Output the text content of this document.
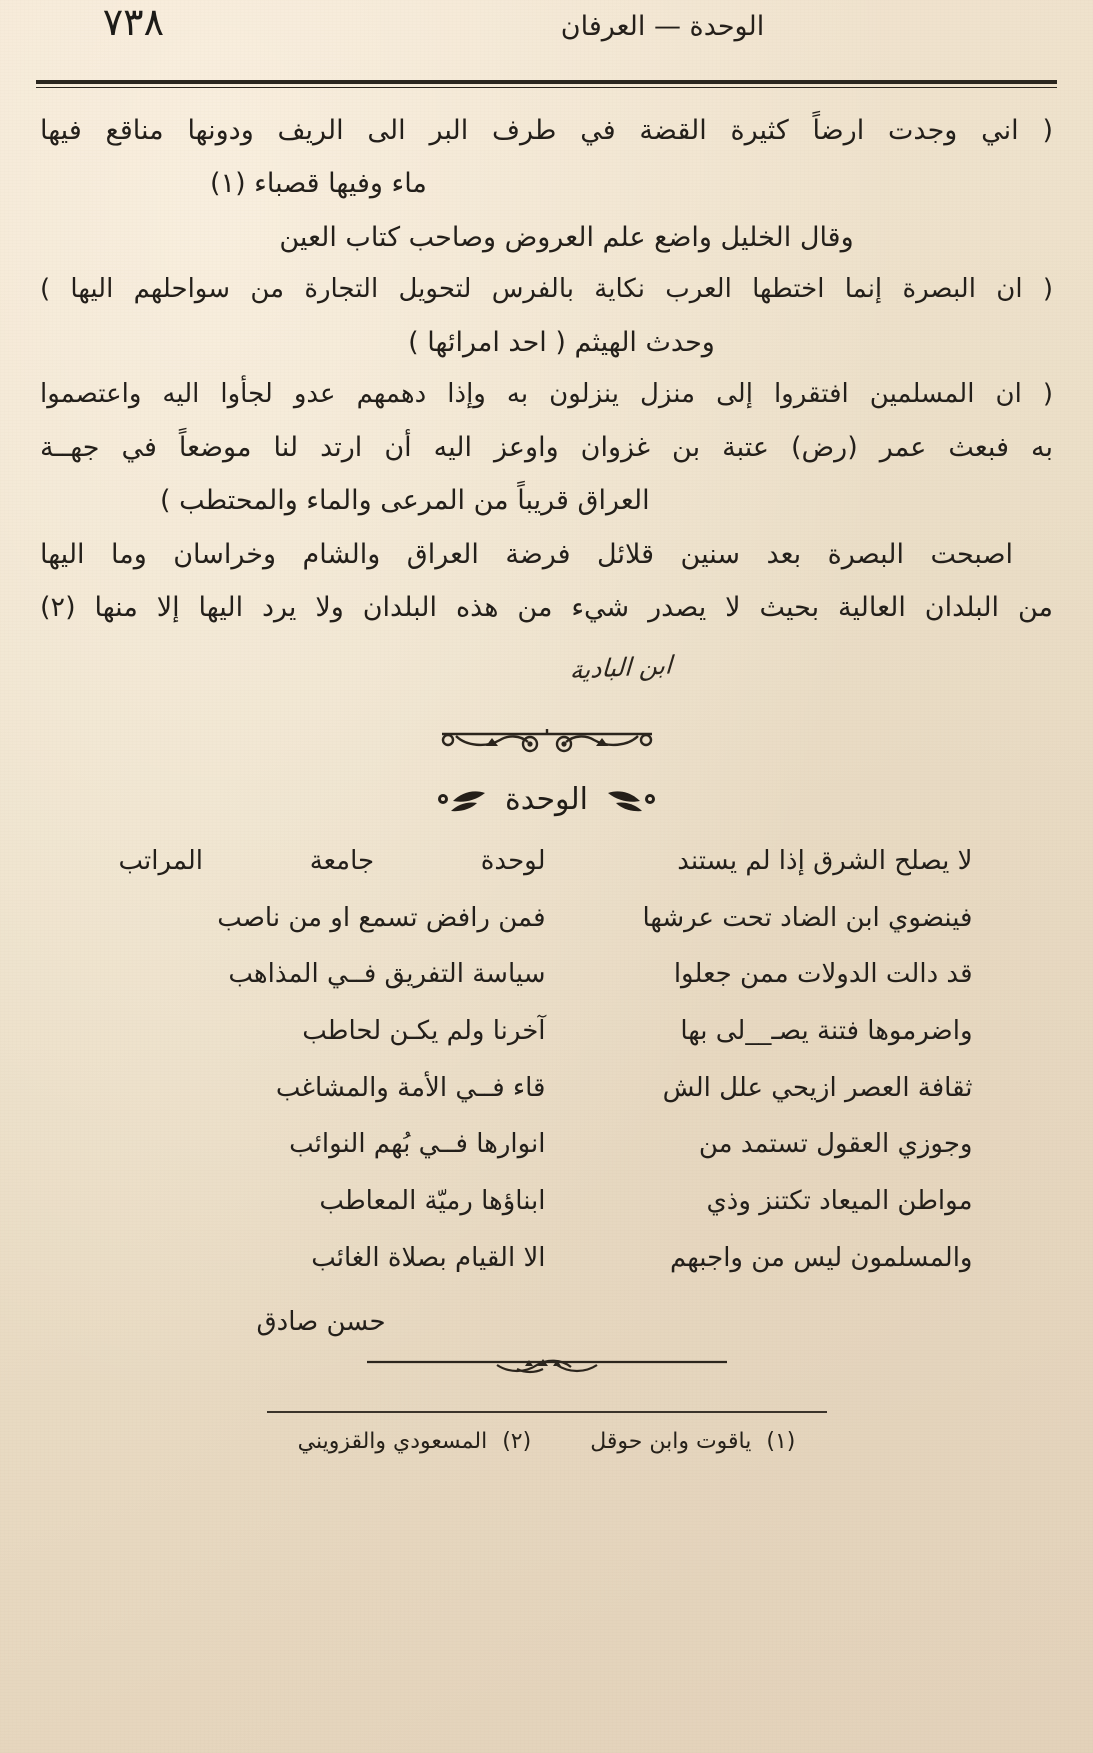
٧٣٨	الوحدة — العرفان
( اني وجدت ارضاً كثيرة القضة في طرف البر الى الريف ودونها مناقع فيها
ماء وفيها قصباء (١)
وقال الخليل واضع علم العروض وصاحب كتاب العين
( ان البصرة إنما اختطها العرب نكاية بالفرس لتحويل التجارة من سواحلهم اليها )
وحدث الهيثم ( احد امرائها )
( ان المسلمين افتقروا إلى منزل ينزلون به وإذا دهمهم عدو لجأوا اليه واعتصموا
به فبعث عمر (رض) عتبة بن غزوان واوعز اليه أن ارتد لنا موضعاً في جهــة
العراق قريباً من المرعى والماء والمحتطب )
اصبحت البصرة بعد سنين قلائل فرضة العراق والشام وخراسان وما اليها
من البلدان العالية بحيث لا يصدر شيء من هذه البلدان ولا يرد اليها إلا منها (٢)
ابن البادية
الوحدة
لا يصلح الشرق إذا لم يستند
لوحدة
جامعة
المراتب
فينضوي ابن الضاد تحت عرشها
فمن رافض تسمع او من ناصب
قد دالت الدولات ممن جعلوا
سياسة التفريق فــي المذاهب
واضرموها فتنة يصـ__لى بها
آخرنا ولم يكـن لحاطب
ثقافة العصر ازيحي علل الش
قاء فــي الأمة والمشاغب
وجوزي العقول تستمد من
انوارها فــي بُهم النوائب
مواطن الميعاد تكتنز وذي
ابناؤها رميّة المعاطب
والمسلمون ليس من واجبهم
الا القيام بصلاة الغائب
حسن صادق
(١) ياقوت وابن حوقل (٢) المسعودي والقزويني
